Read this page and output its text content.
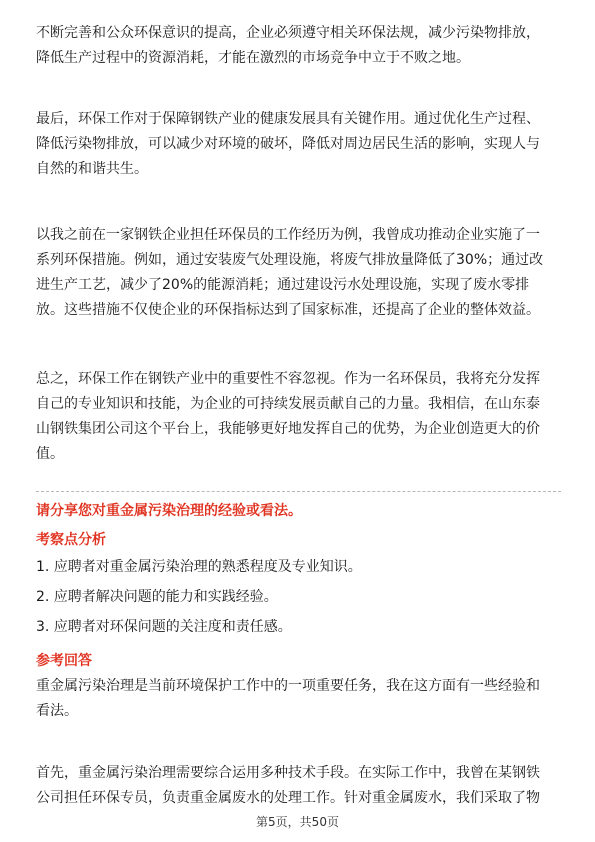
不断完善和公众环保意识的提高，企业必须遵守相关环保法规，减少污染物排放，
降低生产过程中的资源消耗，才能在激烈的市场竞争中立于不败之地。

最后，环保工作对于保障钢铁产业的健康发展具有关键作用。通过优化生产过程、
降低污染物排放，可以减少对环境的破坏，降低对周边居民生活的影响，实现人与
自然的和谐共生。

以我之前在一家钢铁企业担任环保员的工作经历为例，我曾成功推动企业实施了一
系列环保措施。例如，通过安装废气处理设施，将废气排放量降低了30%；通过改
进生产工艺，减少了20%的能源消耗；通过建设污水处理设施，实现了废水零排
放。这些措施不仅使企业的环保指标达到了国家标准，还提高了企业的整体效益。

总之，环保工作在钢铁产业中的重要性不容忽视。作为一名环保员，我将充分发挥
自己的专业知识和技能，为企业的可持续发展贡献自己的力量。我相信，在山东泰
山钢铁集团公司这个平台上，我能够更好地发挥自己的优势，为企业创造更大的价
值。

请分享您对重金属污染治理的经验或看法。

考察点分析

1. 应聘者对重金属污染治理的熟悉程度及专业知识。

2. 应聘者解决问题的能力和实践经验。

3. 应聘者对环保问题的关注度和责任感。

参考回答

重金属污染治理是当前环境保护工作中的一项重要任务，我在这方面有一些经验和
看法。

首先，重金属污染治理需要综合运用多种技术手段。在实际工作中，我曾在某钢铁
公司担任环保专员，负责重金属废水的处理工作。针对重金属废水，我们采取了物

第5页，共50页
